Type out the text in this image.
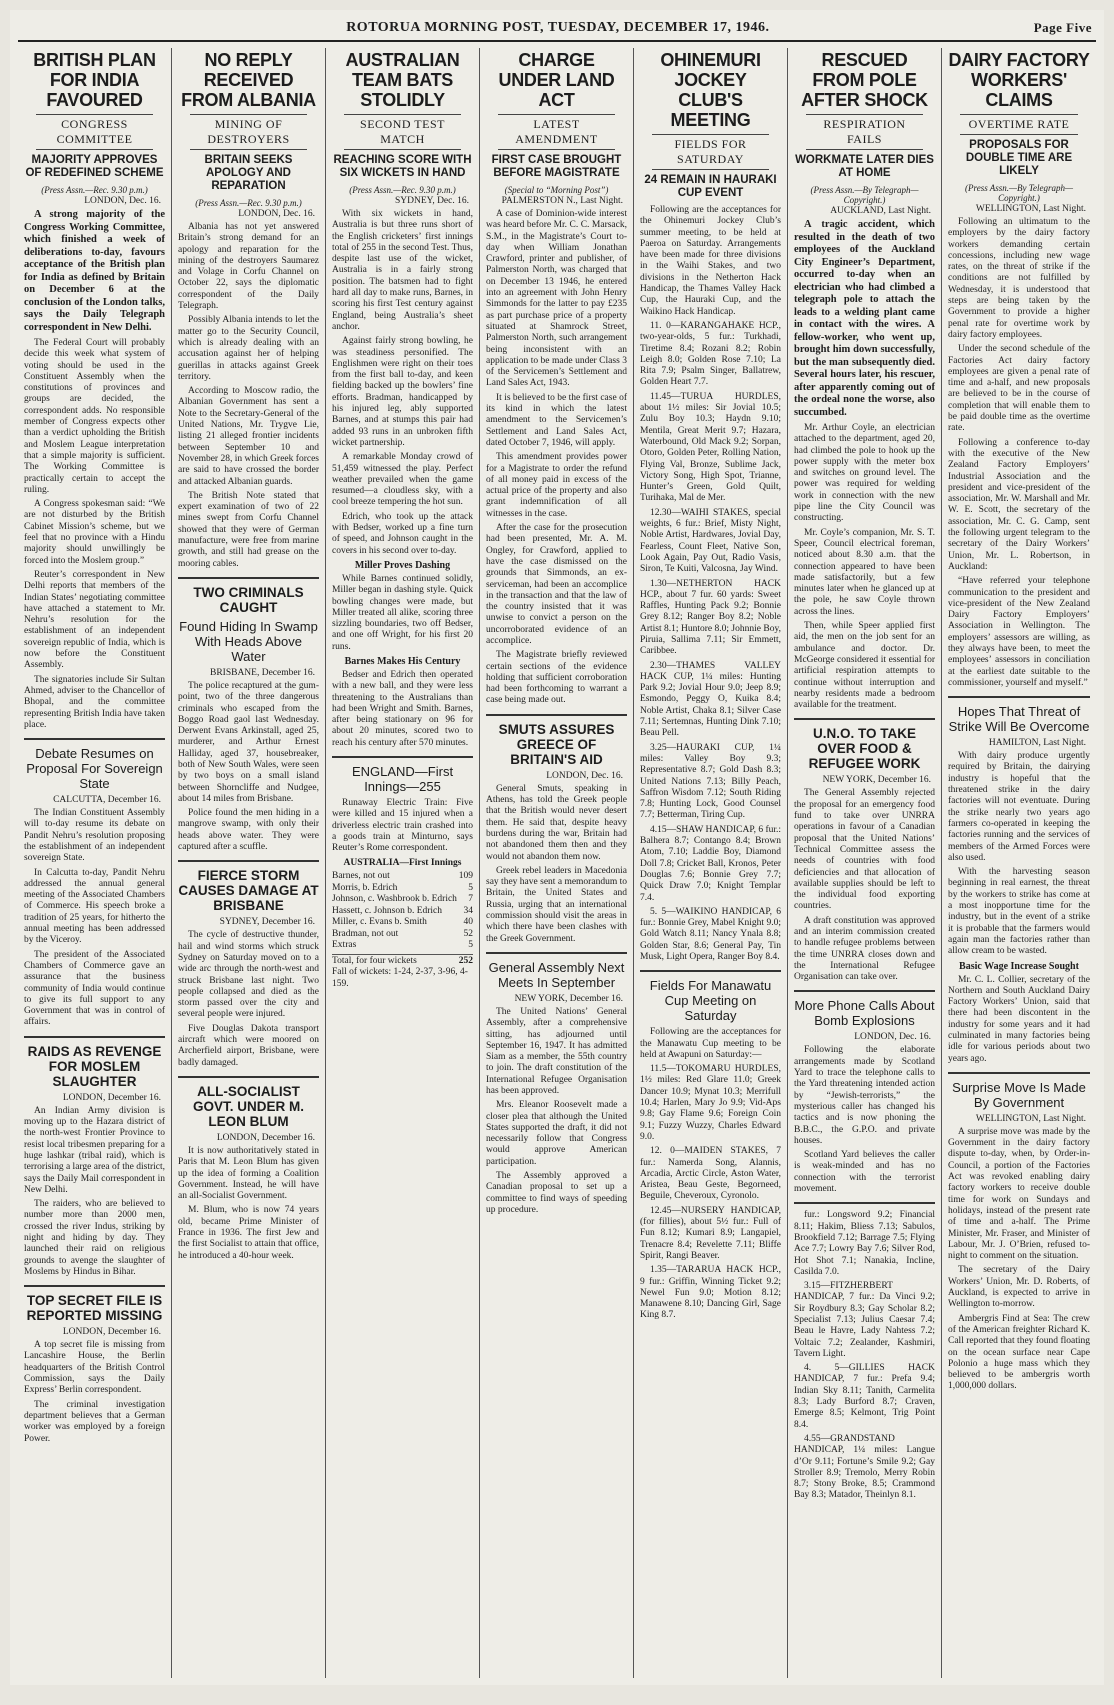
ROTORUA MORNING POST, TUESDAY, DECEMBER 17, 1946.	Page Five
BRITISH PLAN FOR INDIA FAVOURED
CONGRESS COMMITTEE
MAJORITY APPROVES OF REDEFINED SCHEME
(Press Assn.—Rec. 9.30 p.m.)
LONDON, Dec. 16.

A strong majority of the Congress Working Committee, which finished a week of deliberations to-day, favours acceptance of the British plan for India as defined by Britain on December 6 at the conclusion of the London talks, says the Daily Telegraph correspondent in New Delhi.

The Federal Court will probably decide this week what system of voting should be used in the Constituent Assembly when the constitutions of provinces and groups are decided, the correspondent adds. No responsible member of Congress expects other than a verdict upholding the British and Moslem League interpretation that a simple majority is sufficient. The Working Committee is practically certain to accept the ruling.

A Congress spokesman said: “We are not disturbed by the British Cabinet Mission’s scheme, but we feel that no province with a Hindu majority should unwillingly be forced into the Moslem group.”

Reuter’s correspondent in New Delhi reports that members of the Indian States’ negotiating committee have attached a statement to Mr. Nehru’s resolution for the establishment of an independent sovereign republic of India, which is now before the Constituent Assembly.

The signatories include Sir Sultan Ahmed, adviser to the Chancellor of Bhopal, and the committee representing British India have taken place.

Debate Resumes on Proposal For Sovereign State
CALCUTTA, December 16.

The Indian Constituent Assembly will to-day resume its debate on Pandit Nehru’s resolution proposing the establishment of an independent sovereign State.

In Calcutta to-day, Pandit Nehru addressed the annual general meeting of the Associated Chambers of Commerce. His speech broke a tradition of 25 years, for hitherto the annual meeting has been addressed by the Viceroy.

The president of the Associated Chambers of Commerce gave an assurance that the business community of India would continue to give its full support to any Government that was in control of affairs.

RAIDS AS REVENGE FOR MOSLEM SLAUGHTER
LONDON, December 16.

An Indian Army division is moving up to the Hazara district of the north-west Frontier Province to resist local tribesmen preparing for a huge lashkar (tribal raid), which is terrorising a large area of the district, says the Daily Mail correspondent in New Delhi.

The raiders, who are believed to number more than 2000 men, crossed the river Indus, striking by night and hiding by day. They launched their raid on religious grounds to avenge the slaughter of Moslems by Hindus in Bihar.

TOP SECRET FILE IS REPORTED MISSING
LONDON, December 16.

A top secret file is missing from Lancashire House, the Berlin headquarters of the British Control Commission, says the Daily Express’ Berlin correspondent.

The criminal investigation department believes that a German worker was employed by a foreign Power.

NO REPLY RECEIVED FROM ALBANIA
MINING OF DESTROYERS
BRITAIN SEEKS APOLOGY AND REPARATION
(Press Assn.—Rec. 9.30 p.m.)
LONDON, Dec. 16.

Albania has not yet answered Britain’s strong demand for an apology and reparation for the mining of the destroyers Saumarez and Volage in Corfu Channel on October 22, says the diplomatic correspondent of the Daily Telegraph.

Possibly Albania intends to let the matter go to the Security Council, which is already dealing with an accusation against her of helping guerillas in attacks against Greek territory.

According to Moscow radio, the Albanian Government has sent a Note to the Secretary-General of the United Nations, Mr. Trygve Lie, listing 21 alleged frontier incidents between September 10 and November 28, in which Greek forces are said to have crossed the border and attacked Albanian guards.

The British Note stated that expert examination of two of 22 mines swept from Corfu Channel showed that they were of German manufacture, were free from marine growth, and still had grease on the mooring cables.

TWO CRIMINALS CAUGHT
Found Hiding In Swamp With Heads Above Water
BRISBANE, December 16.

The police recaptured at the gum-point, two of the three dangerous criminals who escaped from the Boggo Road gaol last Wednesday. Derwent Evans Arkinstall, aged 25, murderer, and Arthur Ernest Halliday, aged 37, housebreaker, both of New South Wales, were seen by two boys on a small island between Shorncliffe and Nudgee, about 14 miles from Brisbane.

Police found the men hiding in a mangrove swamp, with only their heads above water. They were captured after a scuffle.

FIERCE STORM CAUSES DAMAGE AT BRISBANE
SYDNEY, December 16.

The cycle of destructive thunder, hail and wind storms which struck Sydney on Saturday moved on to a wide arc through the north-west and struck Brisbane last night. Two people collapsed and died as the storm passed over the city and several people were injured.

Five Douglas Dakota transport aircraft which were moored on Archerfield airport, Brisbane, were badly damaged.

ALL-SOCIALIST GOVT. UNDER M. LEON BLUM
LONDON, December 16.

It is now authoritatively stated in Paris that M. Leon Blum has given up the idea of forming a Coalition Government. Instead, he will have an all-Socialist Government.

M. Blum, who is now 74 years old, became Prime Minister of France in 1936. The first Jew and the first Socialist to attain that office, he introduced a 40-hour week.

AUSTRALIAN TEAM BATS STOLIDLY
SECOND TEST MATCH
REACHING SCORE WITH SIX WICKETS IN HAND
(Press Assn.—Rec. 9.30 p.m.)
SYDNEY, Dec. 16.

With six wickets in hand, Australia is but three runs short of the English cricketers’ first innings total of 255 in the second Test. Thus, despite last use of the wicket, Australia is in a fairly strong position. The batsmen had to fight hard all day to make runs, Barnes, in scoring his first Test century against England, being Australia’s sheet anchor.

Against fairly strong bowling, he was steadiness personified. The Englishmen were right on their toes from the first ball to-day, and keen fielding backed up the bowlers’ fine efforts. Bradman, handicapped by his injured leg, ably supported Barnes, and at stumps this pair had added 93 runs in an unbroken fifth wicket partnership.

A remarkable Monday crowd of 51,459 witnessed the play. Perfect weather prevailed when the game resumed—a cloudless sky, with a cool breeze tempering the hot sun.

Edrich, who took up the attack with Bedser, worked up a fine turn of speed, and Johnson caught in the covers in his second over to-day.

Miller Proves Dashing

While Barnes continued solidly, Miller began in dashing style. Quick bowling changes were made, but Miller treated all alike, scoring three sizzling boundaries, two off Bedser, and one off Wright, for his first 20 runs.

Barnes Makes His Century

Bedser and Edrich then operated with a new ball, and they were less threatening to the Australians than had been Wright and Smith. Barnes, after being stationary on 96 for about 20 minutes, scored two to reach his century after 570 minutes.

ENGLAND—First Innings—255

Runaway Electric Train: Five were killed and 15 injured when a driverless electric train crashed into a goods train at Minturno, says Reuter’s Rome correspondent.

AUSTRALIA—First Innings
Barnes, not out	109
Morris, b. Edrich	5
Johnson, c. Washbrook b. Edrich 7
Hassett, c. Johnson b. Edrich 34
Miller, c. Evans b. Smith	40
Bradman, not out	52
Extras	5
Total, for four wickets	252
Fall of wickets: 1-24, 2-37, 3-96, 4-159.
CHARGE UNDER LAND ACT
LATEST AMENDMENT
FIRST CASE BROUGHT BEFORE MAGISTRATE
(Special to “Morning Post”)
PALMERSTON N., Last Night.

A case of Dominion-wide interest was heard before Mr. C. C. Marsack, S.M., in the Magistrate’s Court to-day when William Jonathan Crawford, printer and publisher, of Palmerston North, was charged that on December 13 1946, he entered into an agreement with John Henry Simmonds for the latter to pay £235 as part purchase price of a property situated at Shamrock Street, Palmerston North, such arrangement being inconsistent with an application to be made under Class 3 of the Servicemen’s Settlement and Land Sales Act, 1943.

It is believed to be the first case of its kind in which the latest amendment to the Servicemen’s Settlement and Land Sales Act, dated October 7, 1946, will apply.

This amendment provides power for a Magistrate to order the refund of all money paid in excess of the actual price of the property and also grant indemnification of all witnesses in the case.

After the case for the prosecution had been presented, Mr. A. M. Ongley, for Crawford, applied to have the case dismissed on the grounds that Simmonds, an ex-serviceman, had been an accomplice in the transaction and that the law of the country insisted that it was unwise to convict a person on the uncorroborated evidence of an accomplice.

The Magistrate briefly reviewed certain sections of the evidence holding that sufficient corroboration had been forthcoming to warrant a case being made out.

SMUTS ASSURES GREECE OF BRITAIN'S AID
LONDON, Dec. 16.

General Smuts, speaking in Athens, has told the Greek people that the British would never desert them. He said that, despite heavy burdens during the war, Britain had not abandoned them then and they would not abandon them now.

Greek rebel leaders in Macedonia say they have sent a memorandum to Britain, the United States and Russia, urging that an international commission should visit the areas in which there have been clashes with the Greek Government.

General Assembly Next Meets In September
NEW YORK, December 16.

The United Nations’ General Assembly, after a comprehensive sitting, has adjourned until September 16, 1947. It has admitted Siam as a member, the 55th country to join. The draft constitution of the International Refugee Organisation has been approved.

Mrs. Eleanor Roosevelt made a closer plea that although the United States supported the draft, it did not necessarily follow that Congress would approve American participation.

The Assembly approved a Canadian proposal to set up a committee to find ways of speeding up procedure.

OHINEMURI JOCKEY CLUB'S MEETING
FIELDS FOR SATURDAY
24 REMAIN IN HAURAKI CUP EVENT

Following are the acceptances for the Ohinemuri Jockey Club’s summer meeting, to be held at Paeroa on Saturday. Arrangements have been made for three divisions in the Waihi Stakes, and two divisions in the Netherton Hack Handicap, the Thames Valley Hack Cup, the Hauraki Cup, and the Waikino Hack Handicap.

11. 0—KARANGAHAKE HCP., two-year-olds, 5 fur.: Turkhadi, Tiretime 8.4; Rozani 8.2; Robin Leigh 8.0; Golden Rose 7.10; La Rita 7.9; Psalm Singer, Ballatrew, Golden Heart 7.7.

11.45—TURUA HURDLES, about 1½ miles: Sir Jovial 10.5; Zulu Boy 10.3; Haydn 9.10; Mentila, Great Merit 9.7; Hazara, Waterbound, Old Mack 9.2; Sorpan, Otoro, Golden Peter, Rolling Nation, Flying Val, Bronze, Sublime Jack, Victory Song, High Spot, Trianne, Hunter’s Green, Gold Quilt, Turihaka, Mal de Mer.

12.30—WAIHI STAKES, special weights, 6 fur.: Brief, Misty Night, Noble Artist, Hardwares, Jovial Day, Fearless, Count Fleet, Native Son, Look Again, Pay Out, Radio Vasis, Siron, Te Kuiti, Valcosna, Jay Wind.

1.30—NETHERTON HACK HCP., about 7 fur. 60 yards: Sweet Raffles, Hunting Pack 9.2; Bonnie Grey 8.12; Ranger Boy 8.2; Noble Artist 8.1; Huntore 8.0; Johnnie Boy, Piruia, Sallima 7.11; Sir Emmett, Caribbee.

2.30—THAMES VALLEY HACK CUP, 1¼ miles: Hunting Park 9.2; Jovial Hour 9.0; Jeep 8.9; Esmondo, Peggy O, Kuika 8.4; Noble Artist, Chaka 8.1; Silver Case 7.11; Sertemnas, Hunting Dink 7.10; Beau Pell.

3.25—HAURAKI CUP, 1¼ miles: Valley Boy 9.3; Representative 8.7; Gold Dash 8.3; United Nations 7.13; Billy Peach, Saffron Wisdom 7.12; South Riding 7.8; Hunting Lock, Good Counsel 7.7; Betterman, Tiring Cup.

4.15—SHAW HANDICAP, 6 fur.: Balhera 8.7; Contango 8.4; Brown Atom, 7.10; Laddie Boy, Diamond Doll 7.8; Cricket Ball, Kronos, Peter Douglas 7.6; Bonnie Grey 7.7; Quick Draw 7.0; Knight Templar 7.4.

5. 5—WAIKINO HANDICAP, 6 fur.: Bonnie Grey, Mabel Knight 9.0; Gold Watch 8.11; Nancy Ynala 8.8; Golden Star, 8.6; General Pay, Tin Musk, Light Opera, Ranger Boy 8.4.

Fields For Manawatu Cup Meeting on Saturday

Following are the acceptances for the Manawatu Cup meeting to be held at Awapuni on Saturday:—

11.5—TOKOMARU HURDLES, 1½ miles: Red Glare 11.0; Greek Dancer 10.9; Mynat 10.3; Merrifull 10.4; Harlen, Mary Jo 9.9; Vid-Aps 9.8; Gay Flame 9.6; Foreign Coin 9.1; Fuzzy Wuzzy, Charles Edward 9.0.

12. 0—MAIDEN STAKES, 7 fur.: Namerda Song, Alannis, Arcadia, Arctic Circle, Aston Water, Aristea, Beau Geste, Begorneed, Beguile, Cheveroux, Cyronolo.

12.45—NURSERY HANDICAP, (for fillies), about 5½ fur.: Full of Fun 8.12; Kumari 8.9; Langapiel, Trenacre 8.4; Revelette 7.11; Bliffe Spirit, Rangi Beaver.

1.35—TARARUA HACK HCP., 9 fur.: Griffin, Winning Ticket 9.2; Newel Fun 9.0; Motion 8.12; Manawene 8.10; Dancing Girl, Sage King 8.7.

RESCUED FROM POLE AFTER SHOCK
RESPIRATION FAILS
WORKMATE LATER DIES AT HOME
(Press Assn.—By Telegraph—Copyright.)
AUCKLAND, Last Night.

A tragic accident, which resulted in the death of two employees of the Auckland City Engineer’s Department, occurred to-day when an electrician who had climbed a telegraph pole to attach the leads to a welding plant came in contact with the wires. A fellow-worker, who went up, brought him down successfully, but the man subsequently died. Several hours later, his rescuer, after apparently coming out of the ordeal none the worse, also succumbed.

Mr. Arthur Coyle, an electrician attached to the department, aged 20, had climbed the pole to hook up the power supply with the meter box and switches on ground level. The power was required for welding work in connection with the new pipe line the City Council was constructing.

Mr. Coyle’s companion, Mr. S. T. Speer, Council electrical foreman, noticed about 8.30 a.m. that the connection appeared to have been made satisfactorily, but a few minutes later when he glanced up at the pole, he saw Coyle thrown across the lines.

Then, while Speer applied first aid, the men on the job sent for an ambulance and doctor. Dr. McGeorge considered it essential for artificial respiration attempts to continue without interruption and nearby residents made a bedroom available for the treatment.

U.N.O. TO TAKE OVER FOOD & REFUGEE WORK
NEW YORK, December 16.

The General Assembly rejected the proposal for an emergency food fund to take over UNRRA operations in favour of a Canadian proposal that the United Nations’ Technical Committee assess the needs of countries with food deficiencies and that allocation of available supplies should be left to the individual food exporting countries.

A draft constitution was approved and an interim commission created to handle refugee problems between the time UNRRA closes down and the International Refugee Organisation can take over.

More Phone Calls About Bomb Explosions
LONDON, Dec. 16.

Following the elaborate arrangements made by Scotland Yard to trace the telephone calls to the Yard threatening intended action by “Jewish-terrorists,” the mysterious caller has changed his tactics and is now phoning the B.B.C., the G.P.O. and private houses.

Scotland Yard believes the caller is weak-minded and has no connection with the terrorist movement.

fur.: Longsword 9.2; Financial 8.11; Hakim, Bliess 7.13; Sabulos, Brookfield 7.12; Barrage 7.5; Flying Ace 7.7; Lowry Bay 7.6; Silver Rod, Hot Shot 7.1; Nanakia, Incline, Casilda 7.0.

3.15—FITZHERBERT HANDICAP, 7 fur.: Da Vinci 9.2; Sir Roydbury 8.3; Gay Scholar 8.2; Specialist 7.13; Julius Caesar 7.4; Beau le Havre, Lady Nahtess 7.2; Voltaic 7.2; Zealander, Kashmiri, Tavern Light.

4. 5—GILLIES HACK HANDICAP, 7 fur.: Prefa 9.4; Indian Sky 8.11; Tanith, Carmelita 8.3; Lady Burford 8.7; Craven, Emerge 8.5; Kelmont, Trig Point 8.4.

4.55—GRANDSTAND HANDICAP, 1¼ miles: Langue d’Or 9.11; Fortune’s Smile 9.2; Gay Stroller 8.9; Tremolo, Merry Robin 8.7; Stony Broke, 8.5; Crammond Bay 8.3; Matador, Theinlyn 8.1.

DAIRY FACTORY WORKERS' CLAIMS
OVERTIME RATE
PROPOSALS FOR DOUBLE TIME ARE LIKELY
(Press Assn.—By Telegraph—Copyright.)
WELLINGTON, Last Night.

Following an ultimatum to the employers by the dairy factory workers demanding certain concessions, including new wage rates, on the threat of strike if the conditions are not fulfilled by Wednesday, it is understood that steps are being taken by the Government to provide a higher penal rate for overtime work by dairy factory employees.

Under the second schedule of the Factories Act dairy factory employees are given a penal rate of time and a-half, and new proposals are believed to be in the course of completion that will enable them to be paid double time as the overtime rate.

Following a conference to-day with the executive of the New Zealand Factory Employers’ Industrial Association and the president and vice-president of the association, Mr. W. Marshall and Mr. W. E. Scott, the secretary of the association, Mr. C. G. Camp, sent the following urgent telegram to the secretary of the Dairy Workers’ Union, Mr. L. Robertson, in Auckland:

“Have referred your telephone communication to the president and vice-president of the New Zealand Dairy Factory Employers’ Association in Wellington. The employers’ assessors are willing, as they always have been, to meet the employees’ assessors in conciliation at the earliest date suitable to the commissioner, yourself and myself.”

Hopes That Threat of Strike Will Be Overcome
HAMILTON, Last Night.

With dairy produce urgently required by Britain, the dairying industry is hopeful that the threatened strike in the dairy factories will not eventuate. During the strike nearly two years ago farmers co-operated in keeping the factories running and the services of members of the Armed Forces were also used.

With the harvesting season beginning in real earnest, the threat by the workers to strike has come at a most inopportune time for the industry, but in the event of a strike it is probable that the farmers would again man the factories rather than allow cream to be wasted.

Basic Wage Increase Sought

Mr. C. L. Collier, secretary of the Northern and South Auckland Dairy Factory Workers’ Union, said that there had been discontent in the industry for some years and it had culminated in many factories being idle for various periods about two years ago.

Surprise Move Is Made By Government
WELLINGTON, Last Night.

A surprise move was made by the Government in the dairy factory dispute to-day, when, by Order-in-Council, a portion of the Factories Act was revoked enabling dairy factory workers to receive double time for work on Sundays and holidays, instead of the present rate of time and a-half. The Prime Minister, Mr. Fraser, and Minister of Labour, Mr. J. O’Brien, refused to-night to comment on the situation.

The secretary of the Dairy Workers’ Union, Mr. D. Roberts, of Auckland, is expected to arrive in Wellington to-morrow.

Ambergris Find at Sea: The crew of the American freighter Richard K. Call reported that they found floating on the ocean surface near Cape Polonio a huge mass which they believed to be ambergris worth 1,000,000 dollars.
